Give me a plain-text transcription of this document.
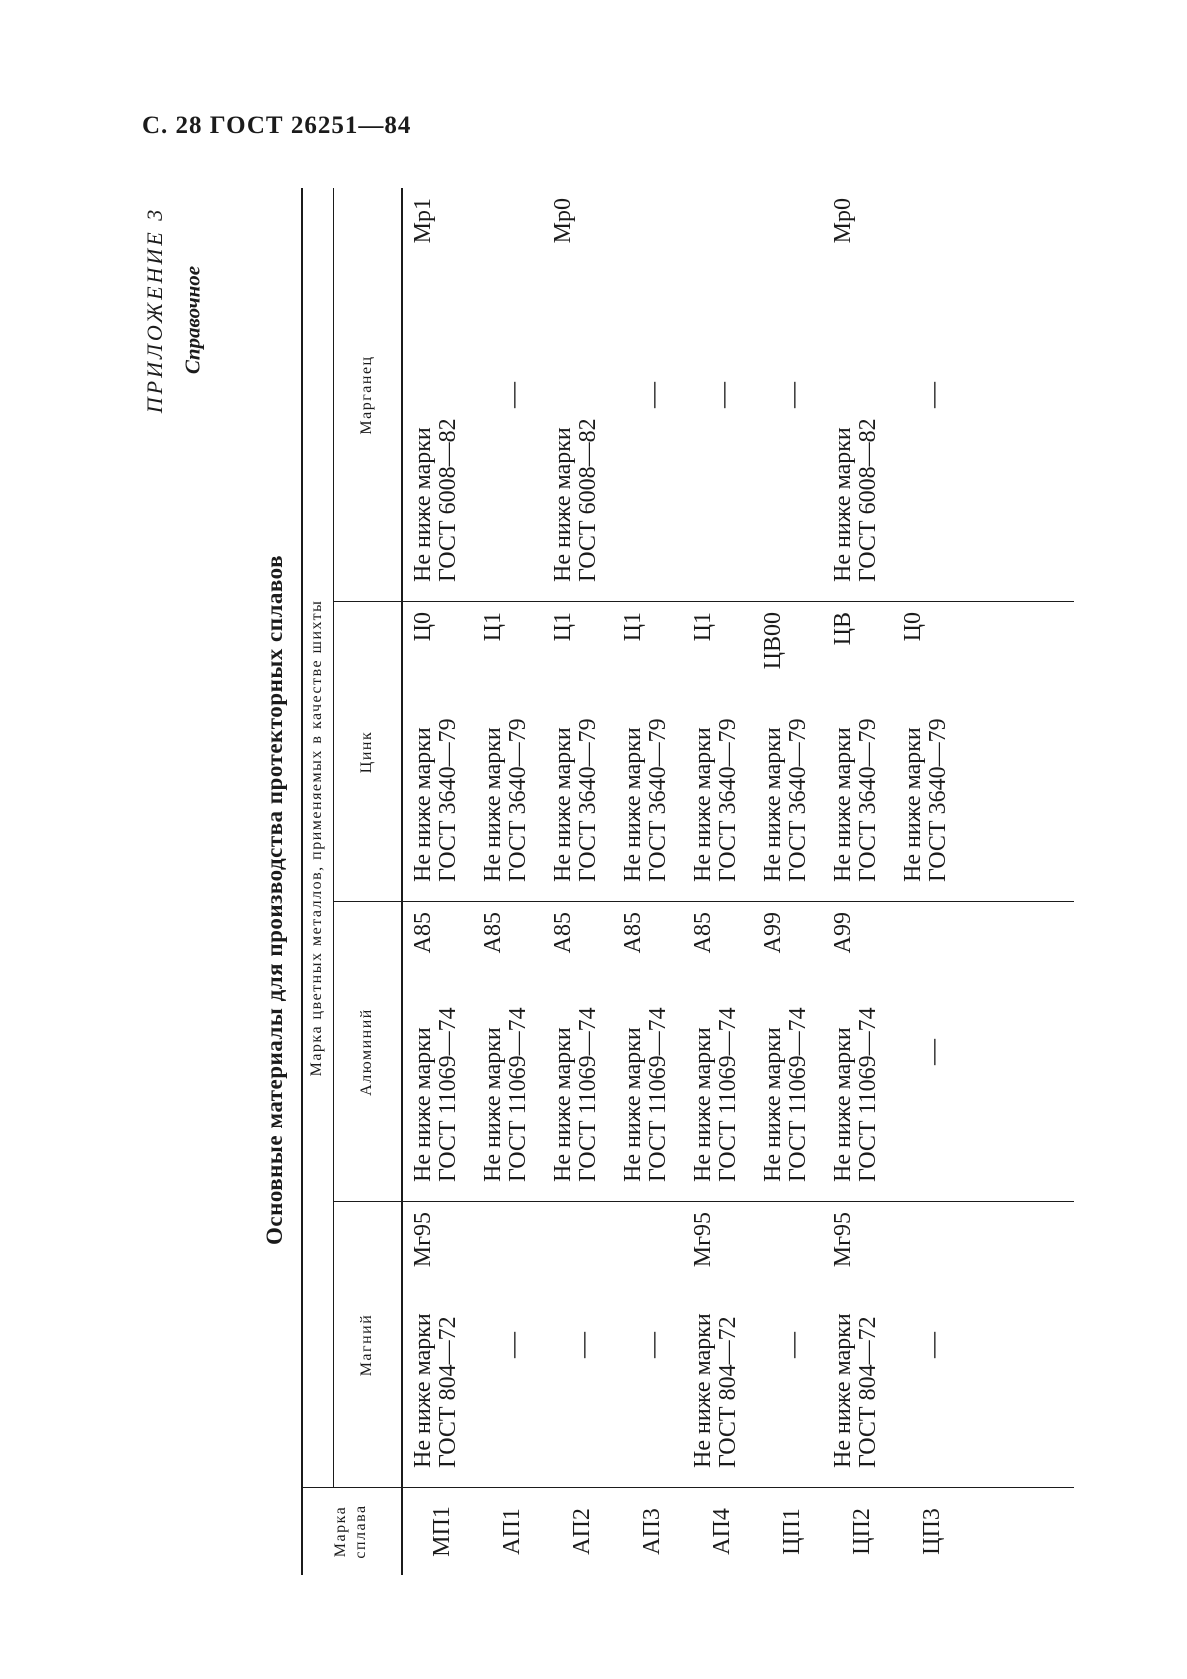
С. 28 ГОСТ 26251—84
ПРИЛОЖЕНИЕ 3 Справочное
Основные материалы для производства протекторных сплавов
Марка сплава
Марка цветных металлов, применяемых в качестве шихты
Магний
Алюминий
Цинк
Марганец
МП1
Не ниже марки
Мг95
ГОСТ 804—72
Не ниже марки
А85
ГОСТ 11069—74
Не ниже марки
Ц0
ГОСТ 3640—79
Не ниже марки
Мр1
ГОСТ 6008—82
АП1
—
Не ниже марки
А85
ГОСТ 11069—74
Не ниже марки
Ц1
ГОСТ 3640—79
—
АП2
—
Не ниже марки
А85
ГОСТ 11069—74
Не ниже марки
Ц1
ГОСТ 3640—79
Не ниже марки
Мр0
ГОСТ 6008—82
АП3
—
Не ниже марки
А85
ГОСТ 11069—74
Не ниже марки
Ц1
ГОСТ 3640—79
—
АП4
Не ниже марки
Мг95
ГОСТ 804—72
Не ниже марки
А85
ГОСТ 11069—74
Не ниже марки
Ц1
ГОСТ 3640—79
—
ЦП1
—
Не ниже марки
А99
ГОСТ 11069—74
Не ниже марки
ЦВ00
ГОСТ 3640—79
—
ЦП2
Не ниже марки
Мг95
ГОСТ 804—72
Не ниже марки
А99
ГОСТ 11069—74
Не ниже марки
ЦВ
ГОСТ 3640—79
Не ниже марки
Мр0
ГОСТ 6008—82
ЦП3
—
—
Не ниже марки
Ц0
ГОСТ 3640—79
—
